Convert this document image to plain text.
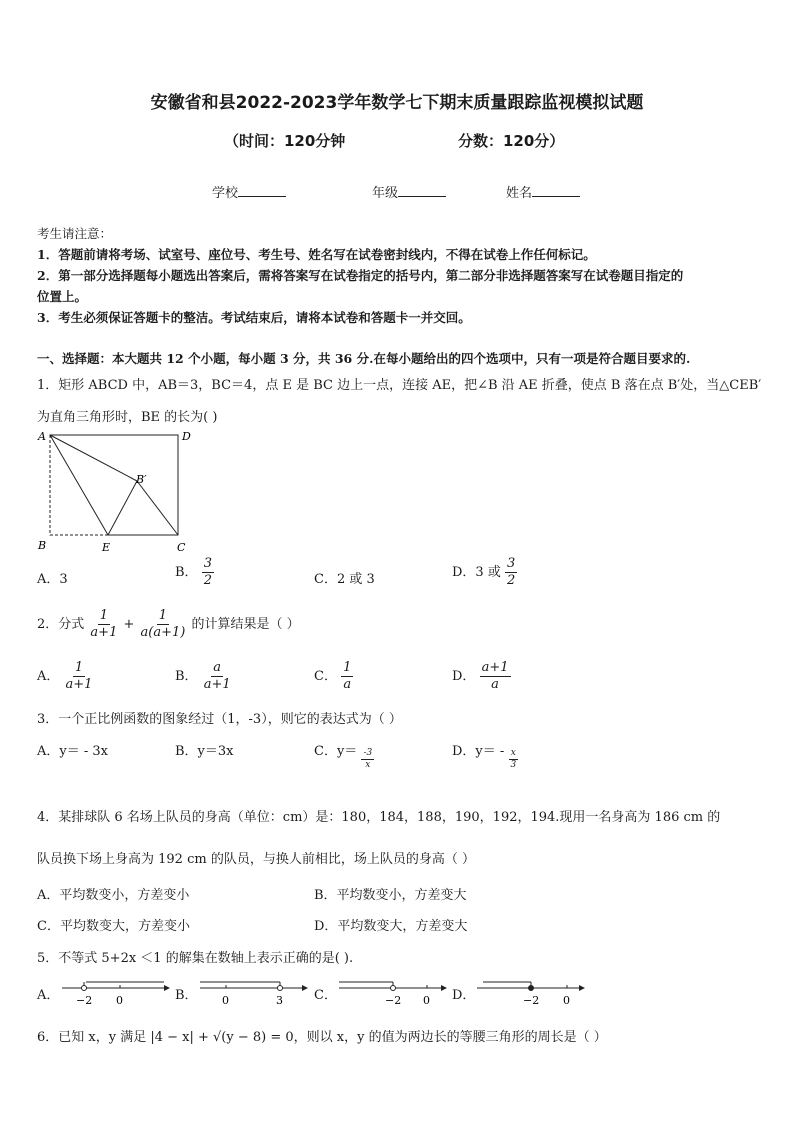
安徽省和县2022-2023学年数学七下期末质量跟踪监视模拟试题
（时间：120分钟	分数：120分）
学校	年级	姓名
考生请注意：
1．答题前请将考场、试室号、座位号、考生号、姓名写在试卷密封线内，不得在试卷上作任何标记。
2．第一部分选择题每小题选出答案后，需将答案写在试卷指定的括号内，第二部分非选择题答案写在试卷题目指定的
位置上。
3．考生必须保证答题卡的整洁。考试结束后，请将本试卷和答题卡一并交回。
一、选择题：本大题共 12 个小题，每小题 3 分，共 36 分.在每小题给出的四个选项中，只有一项是符合题目要求的.
1．矩形 ABCD 中，AB＝3，BC＝4，点 E 是 BC 边上一点，连接 AE，把∠B 沿 AE 折叠，使点 B 落在点 B′处，当△CEB′
为直角三角形时，BE 的长为( )
A	D
B	E	C
B′
A．3	B． $\frac{3}{2}$	C．2 或 3	D．3 或 $\frac{3}{2}$
2．分式 $\frac{1}{a+1} + \frac{1}{a(a+1)}$ 的计算结果是（ ）
A． $\frac{1}{a+1}$	B． $\frac{a}{a+1}$	C． $\frac{1}{a}$	D． $\frac{a+1}{a}$
3．一个正比例函数的图象经过（1，-3），则它的表达式为（ ）
A．y＝ - 3x	B．y＝3x	C．$y= \frac{-3}{x}$	D．$y= - \frac{x}{3}$
4．某排球队 6 名场上队员的身高（单位：cm）是：180，184，188，190，192，194.现用一名身高为 186 cm 的
队员换下场上身高为 192 cm 的队员，与换人前相比，场上队员的身高（ ）
A．平均数变小，方差变小	B．平均数变小，方差变大
C．平均数变大，方差变小	D．平均数变大，方差变大
5．不等式 5+2x ＜1 的解集在数轴上表示正确的是( ).
A． −2 0	B． 0	3 C．	−2 0 D．	−2 0
6．已知 x，y 满足 |4 − x| + √(y − 8) = 0，则以 x，y 的值为两边长的等腰三角形的周长是（ ）
